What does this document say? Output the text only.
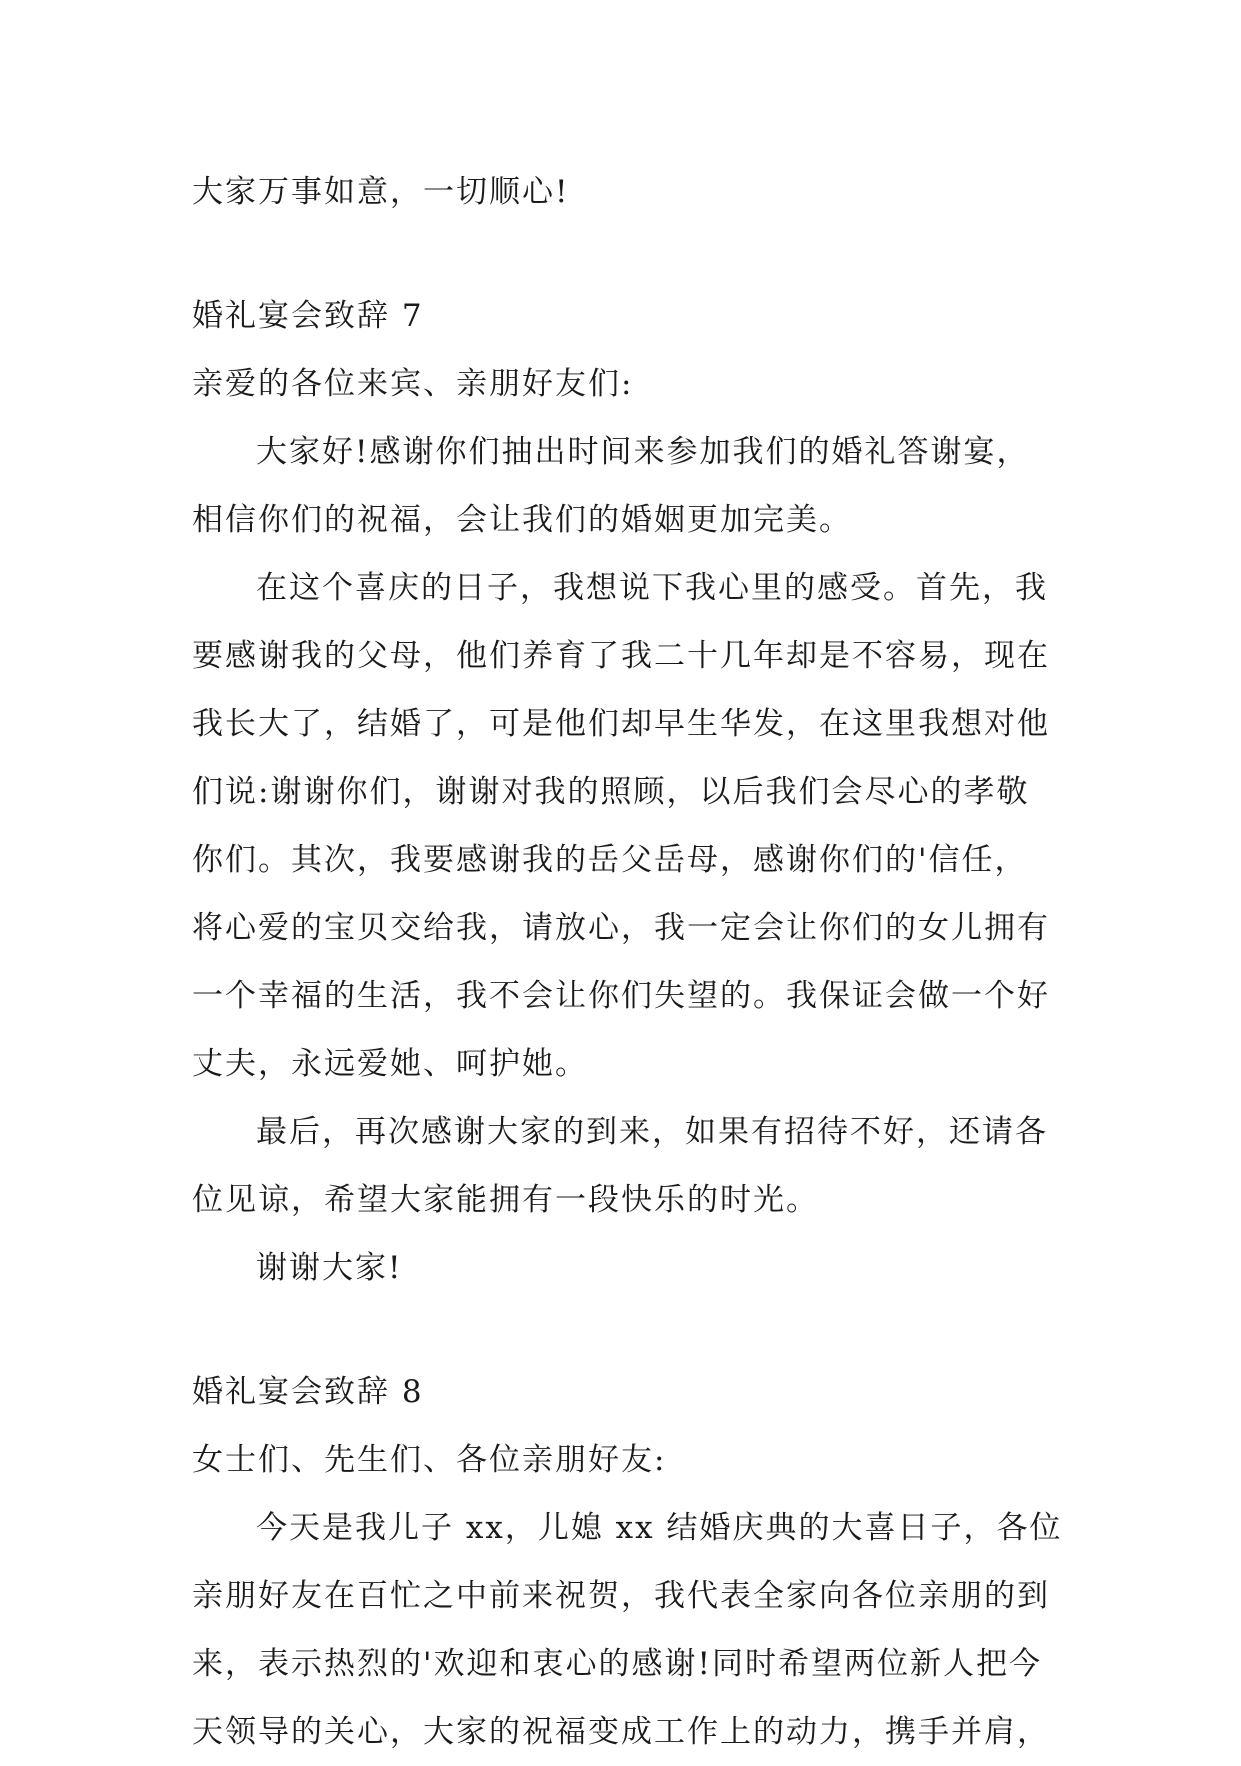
大家万事如意，一切顺心!
婚礼宴会致辞 7
亲爱的各位来宾、亲朋好友们:
大家好!感谢你们抽出时间来参加我们的婚礼答谢宴，
相信你们的祝福，会让我们的婚姻更加完美。
在这个喜庆的日子，我想说下我心里的感受。首先，我
要感谢我的父母，他们养育了我二十几年却是不容易，现在
我长大了，结婚了，可是他们却早生华发，在这里我想对他
们说:谢谢你们，谢谢对我的照顾，以后我们会尽心的孝敬
你们。其次，我要感谢我的岳父岳母，感谢你们的'信任，
将心爱的宝贝交给我，请放心，我一定会让你们的女儿拥有
一个幸福的生活，我不会让你们失望的。我保证会做一个好
丈夫，永远爱她、呵护她。
最后，再次感谢大家的到来，如果有招待不好，还请各
位见谅，希望大家能拥有一段快乐的时光。
谢谢大家!
婚礼宴会致辞 8
女士们、先生们、各位亲朋好友:
今天是我儿子 xx，儿媳 xx 结婚庆典的大喜日子，各位
亲朋好友在百忙之中前来祝贺，我代表全家向各位亲朋的到
来，表示热烈的'欢迎和衷心的感谢!同时希望两位新人把今
天领导的关心，大家的祝福变成工作上的动力，携手并肩，
